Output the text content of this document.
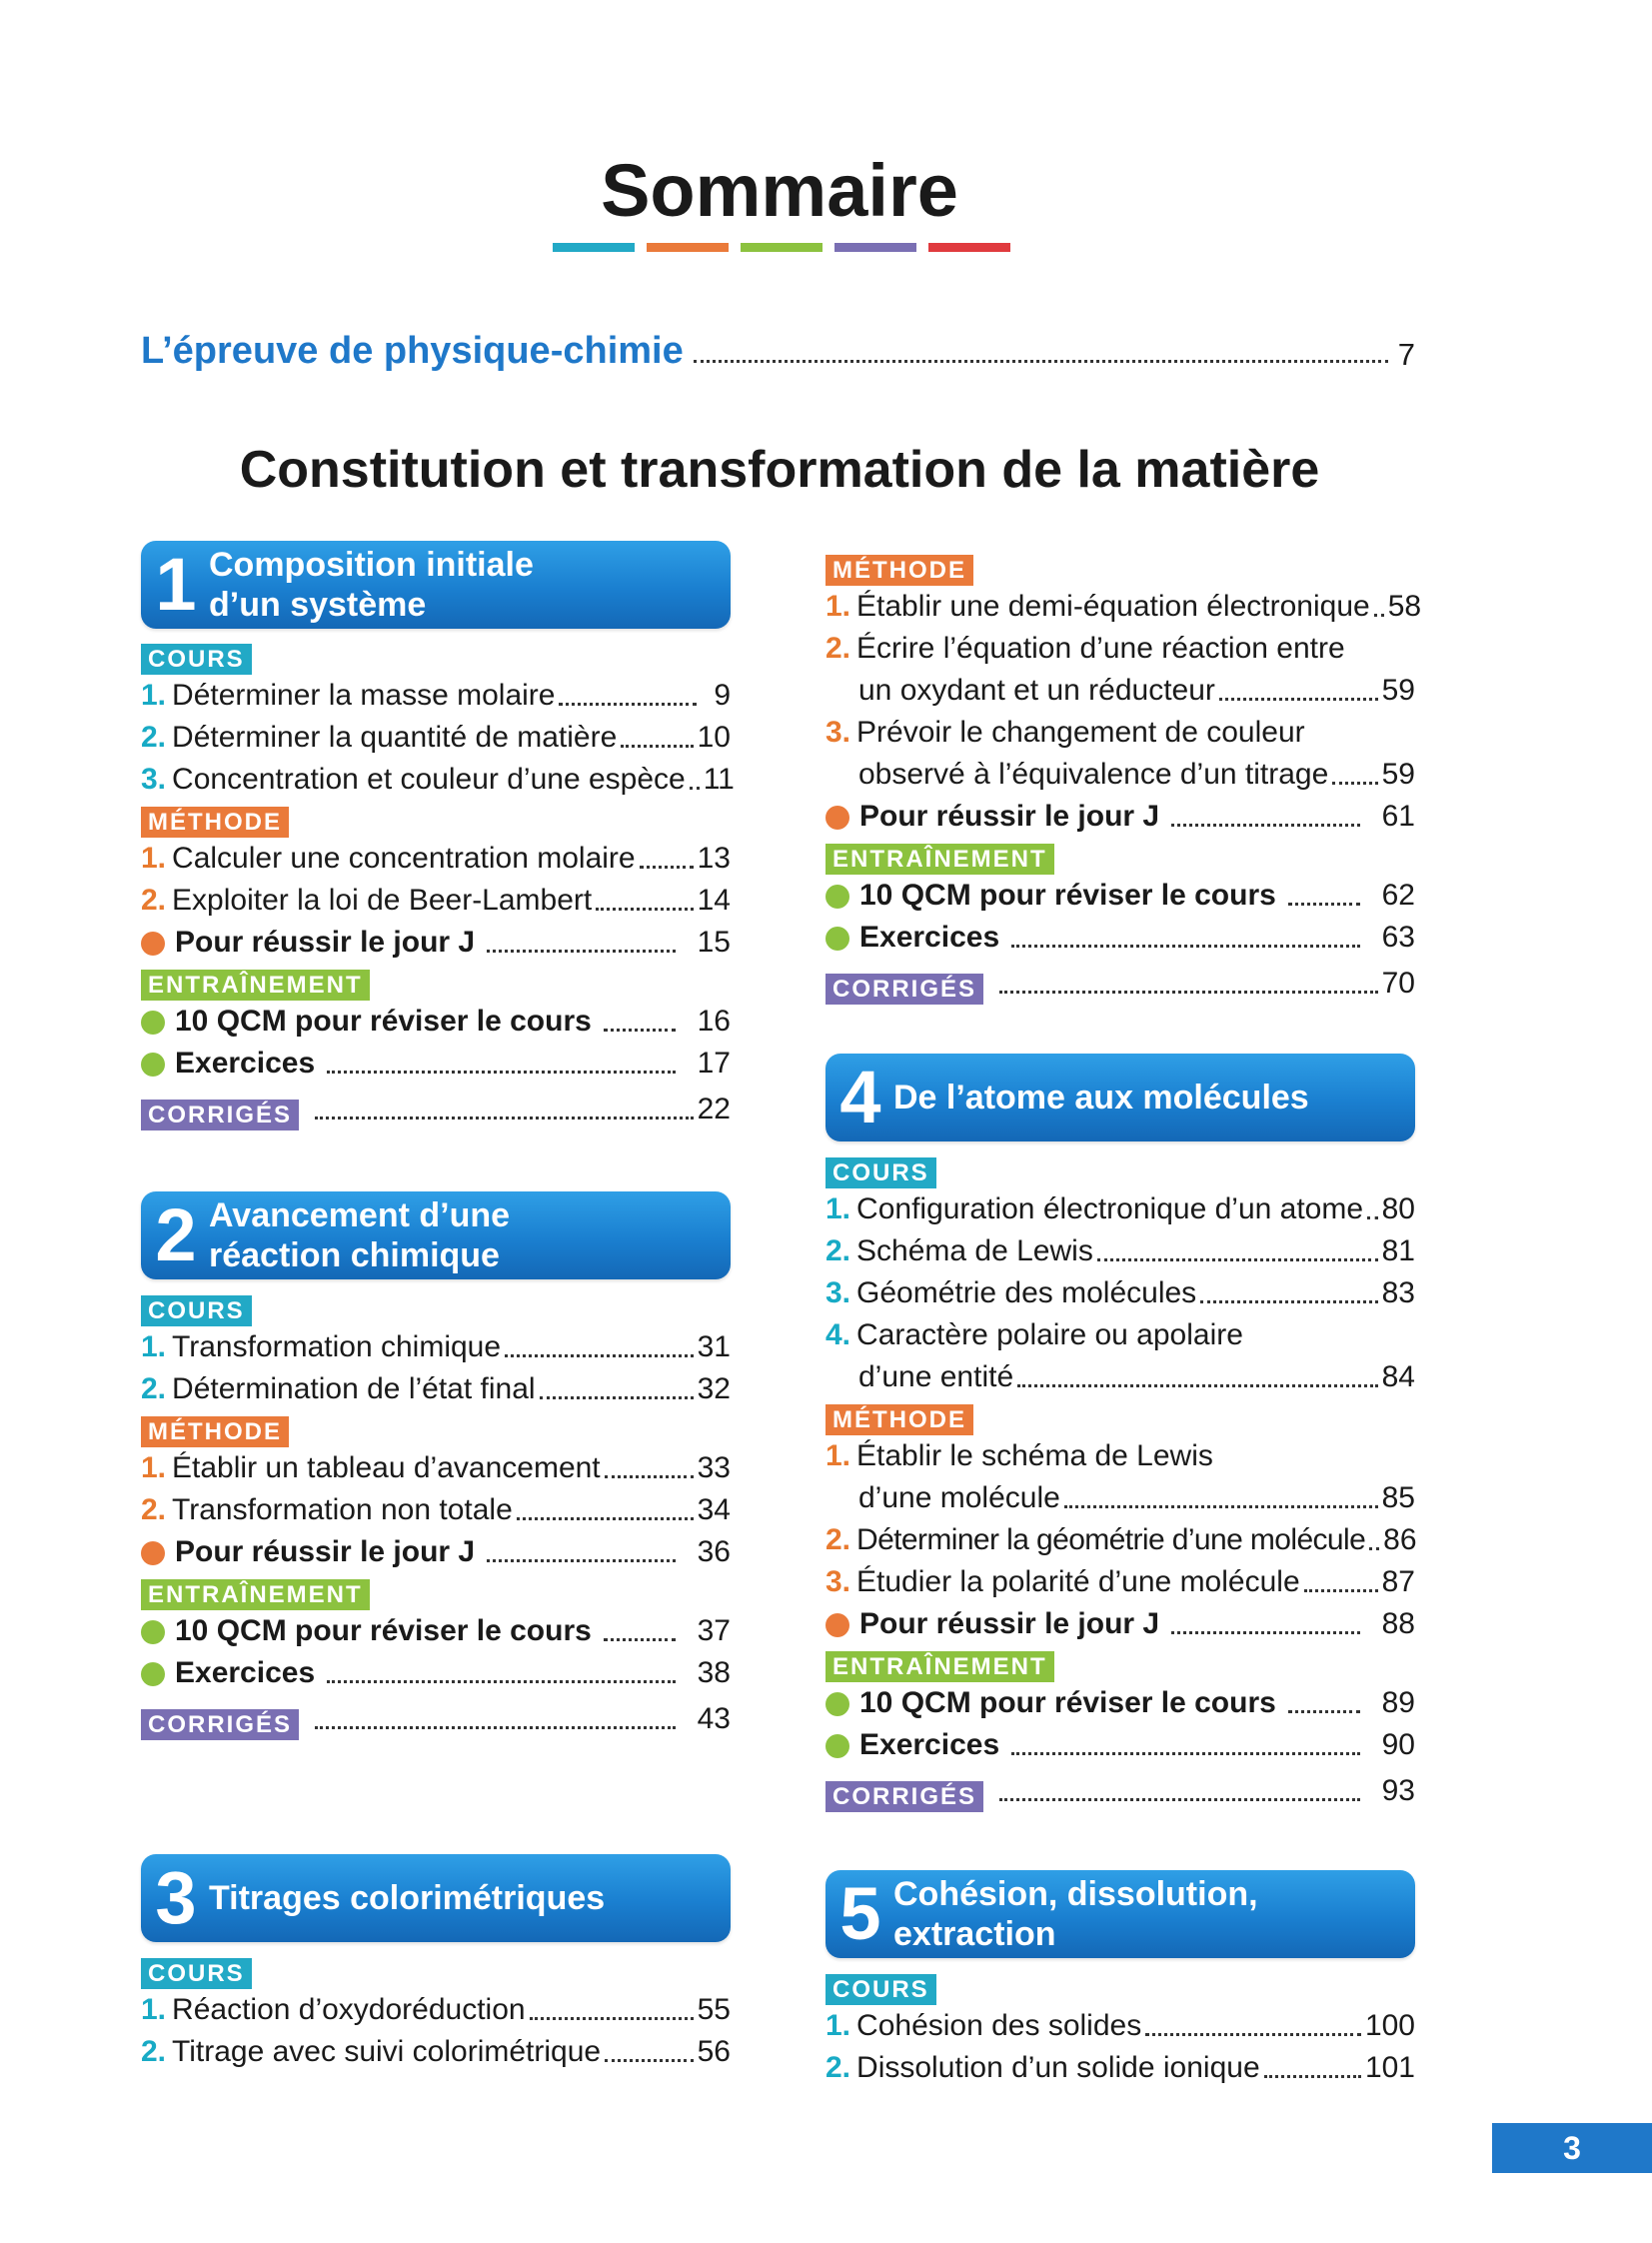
Sommaire
L’épreuve de physique-chimie	7
Constitution et transformation de la matière
1 Composition initiale
d’un système
COURS
1. Déterminer la masse molaire	9
2. Déterminer la quantité de matière	10
3. Concentration et couleur d’une espèce 11
MÉTHODE
1. Calculer une concentration molaire 13
2. Exploiter la loi de Beer-Lambert	14
Pour réussir le jour J	15
ENTRAÎNEMENT
10 QCM pour réviser le cours	16
Exercices	17
CORRIGÉS	22
2 Avancement d’une
réaction chimique
COURS
1. Transformation chimique	31
2. Détermination de l’état final	32
MÉTHODE
1. Établir un tableau d’avancement	33
2. Transformation non totale	34
Pour réussir le jour J	36
ENTRAÎNEMENT
10 QCM pour réviser le cours	37
Exercices	38
CORRIGÉS	43
3 Titrages colorimétriques
COURS
1. Réaction d’oxydoréduction	55
2. Titrage avec suivi colorimétrique	56
MÉTHODE
1. Établir une demi-équation électronique 58
2. Écrire l’équation d’une réaction entre
un oxydant et un réducteur	59
3. Prévoir le changement de couleur
observé à l’équivalence d’un titrage 59
Pour réussir le jour J	61
ENTRAÎNEMENT
10 QCM pour réviser le cours	62
Exercices	63
CORRIGÉS	70
4 De l’atome aux molécules
COURS
1. Configuration électronique d’un atome 80
2. Schéma de Lewis	81
3. Géométrie des molécules	83
4. Caractère polaire ou apolaire
d’une entité	84
MÉTHODE
1. Établir le schéma de Lewis
d’une molécule	85
2. Déterminer la géométrie d’une molécule 86
3. Étudier la polarité d’une molécule	87
Pour réussir le jour J	88
ENTRAÎNEMENT
10 QCM pour réviser le cours	89
Exercices	90
CORRIGÉS	93
5 Cohésion, dissolution,
extraction
COURS
1. Cohésion des solides	100
2. Dissolution d’un solide ionique	101
3
